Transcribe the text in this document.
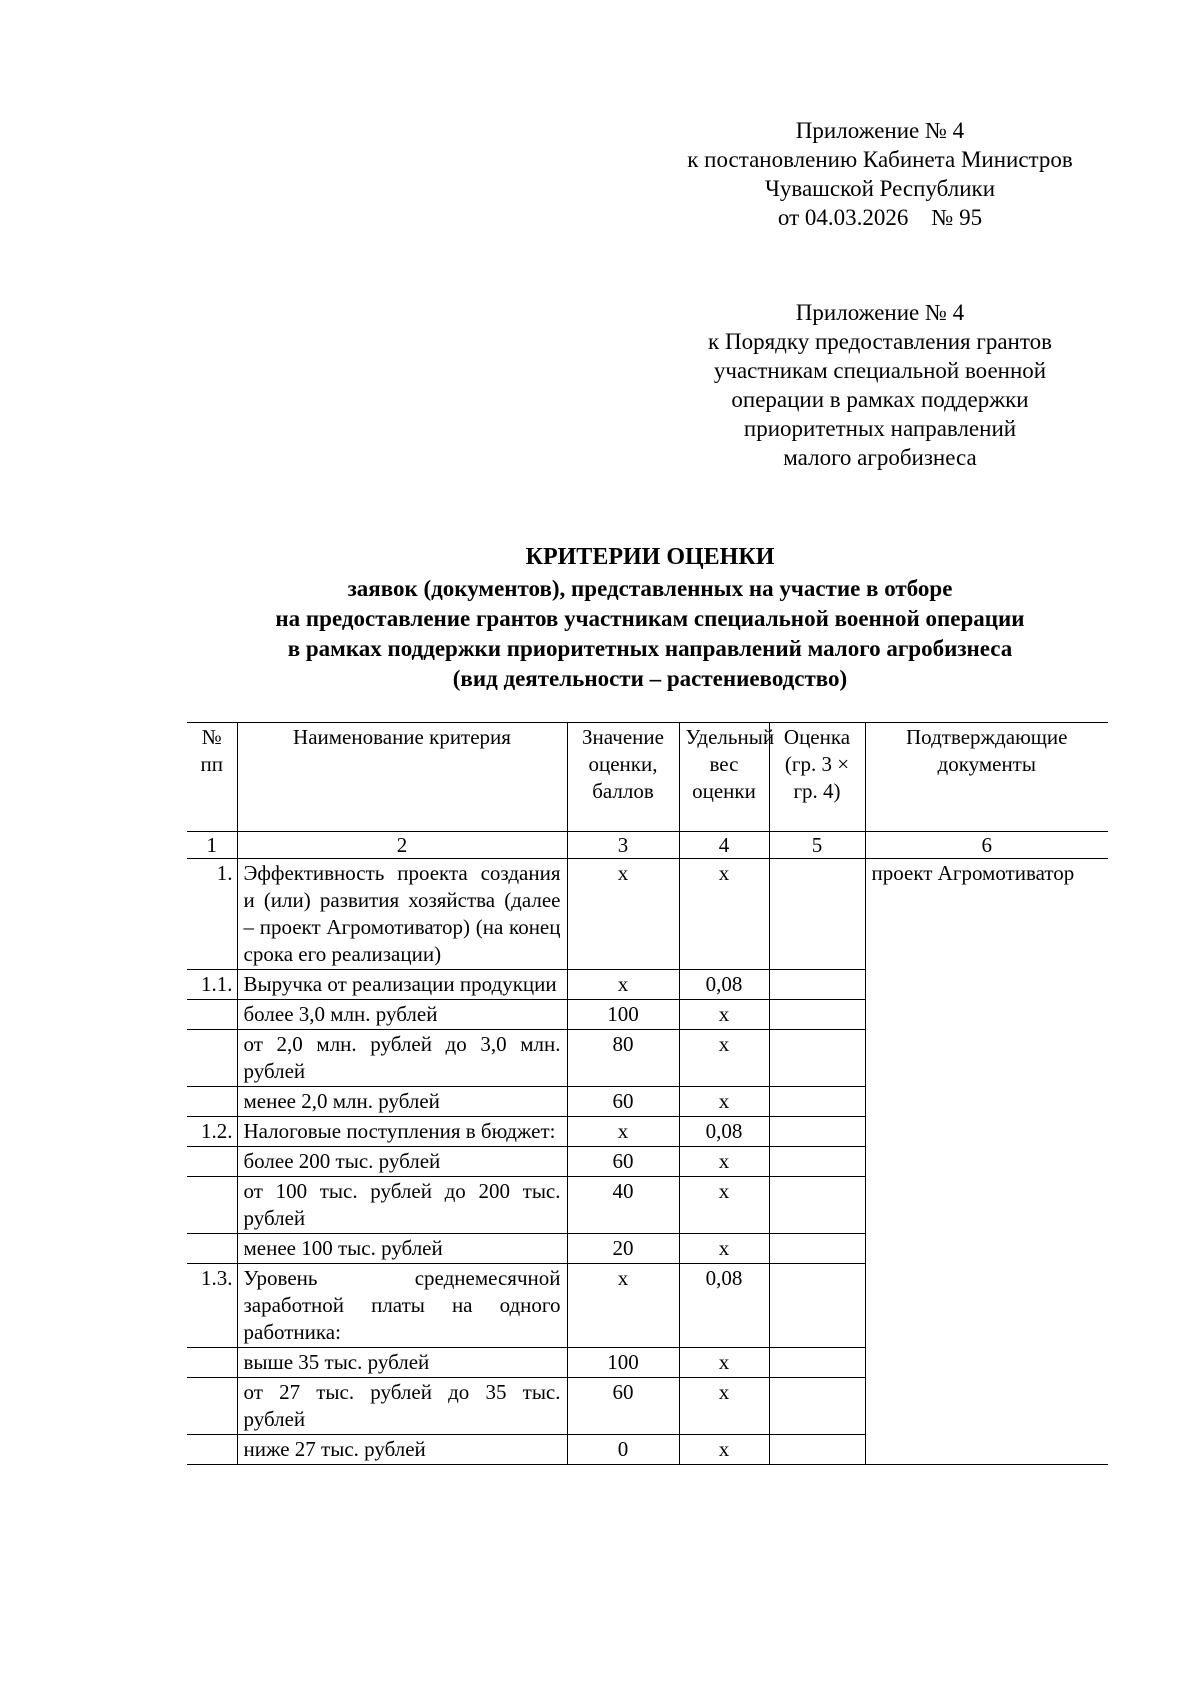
Приложение № 4
к постановлению Кабинета Министров
Чувашской Республики
от 04.03.2026    № 95
Приложение № 4
к Порядку предоставления грантов
участникам специальной военной
операции в рамках поддержки
приоритетных направлений
малого агробизнеса
КРИТЕРИИ ОЦЕНКИ
заявок (документов), представленных на участие в отборе
на предоставление грантов участникам специальной военной операции
в рамках поддержки приоритетных направлений малого агробизнеса
(вид деятельности – растениеводство)
№ пп	Наименование критерия	Значение оценки, баллов	Удельный вес оценки	Оценка (гр. 3 × гр. 4)	Подтверждающие документы
1	2	3	4	5	6
1.	Эффективность проекта создания и (или) развития хозяйства (далее – проект Агромотиватор) (на конец срока его реализации)	х	х		проект Агромотиватор
1.1.	Выручка от реализации продукции	х	0,08		
	более 3,0 млн. рублей	100	х		
	от 2,0 млн. рублей до 3,0 млн. рублей	80	х		
	менее 2,0 млн. рублей	60	х		
1.2.	Налоговые поступления в бюджет:	х	0,08		
	более 200 тыс. рублей	60	х		
	от 100 тыс. рублей до 200 тыс. рублей	40	х		
	менее 100 тыс. рублей	20	х		
1.3.	Уровень среднемесячной заработной платы на одного работника:	х	0,08		
	выше 35 тыс. рублей	100	х		
	от 27 тыс. рублей до 35 тыс. рублей	60	х		
	ниже 27 тыс. рублей	0	х		
